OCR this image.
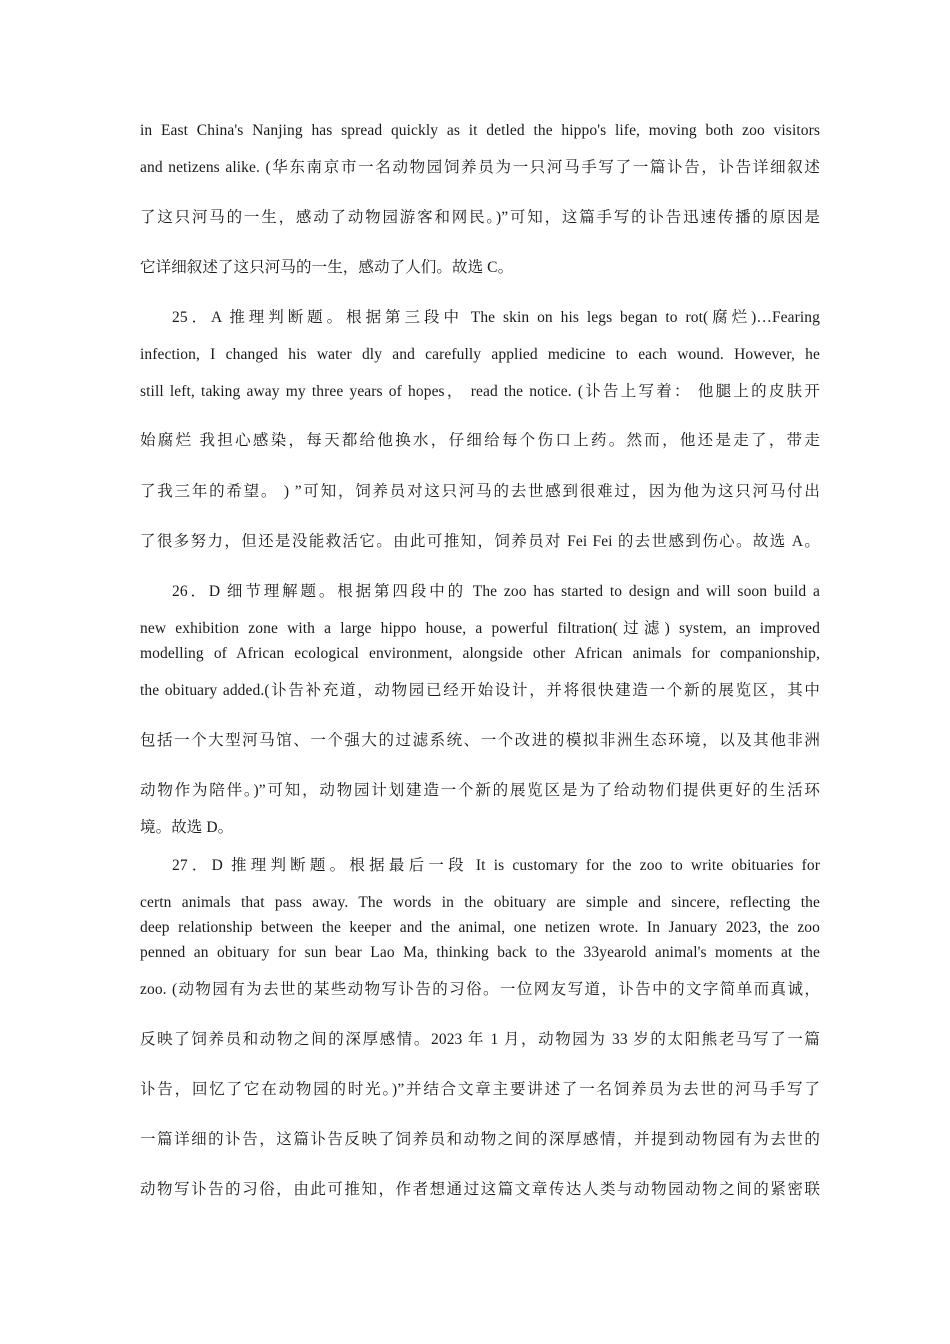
in East China's Nanjing has spread quickly as it detled the hippo's life, moving both zoo visitors
and netizens alike. (华东南京市一名动物园饲养员为一只河马手写了一篇讣告，讣告详细叙述
了这只河马的一生，感动了动物园游客和网民。)”可知，这篇手写的讣告迅速传播的原因是
它详细叙述了这只河马的一生，感动了人们。故选 C。
25．A 推理判断题。根据第三段中 The skin on his legs began to rot(腐烂)…Fearing
infection, I changed his water dly and carefully applied medicine to each wound. However, he
still left, taking away my three years of hopes， read the notice. (讣告上写着： 他腿上的皮肤开
始腐烂 我担心感染，每天都给他换水，仔细给每个伤口上药。然而，他还是走了，带走
了我三年的希望。 ) ”可知，饲养员对这只河马的去世感到很难过，因为他为这只河马付出
了很多努力，但还是没能救活它。由此可推知，饲养员对 Fei Fei 的去世感到伤心。故选 A。
26．D 细节理解题。根据第四段中的 The zoo has started to design and will soon build a
new exhibition zone with a large hippo house, a powerful filtration(过滤) system, an improved
modelling of African ecological environment, alongside other African animals for companionship,
the obituary added.(讣告补充道，动物园已经开始设计，并将很快建造一个新的展览区，其中
包括一个大型河马馆、一个强大的过滤系统、一个改进的模拟非洲生态环境，以及其他非洲
动物作为陪伴。)”可知，动物园计划建造一个新的展览区是为了给动物们提供更好的生活环
境。故选 D。
27．D 推理判断题。根据最后一段 It is customary for the zoo to write obituaries for
certn animals that pass away. The words in the obituary are simple and sincere, reflecting the
deep relationship between the keeper and the animal, one netizen wrote. In January 2023, the zoo
penned an obituary for sun bear Lao Ma, thinking back to the 33yearold animal's moments at the
zoo. (动物园有为去世的某些动物写讣告的习俗。一位网友写道，讣告中的文字简单而真诚，
反映了饲养员和动物之间的深厚感情。2023 年 1 月，动物园为 33 岁的太阳熊老马写了一篇
讣告，回忆了它在动物园的时光。)”并结合文章主要讲述了一名饲养员为去世的河马手写了
一篇详细的讣告，这篇讣告反映了饲养员和动物之间的深厚感情，并提到动物园有为去世的
动物写讣告的习俗，由此可推知，作者想通过这篇文章传达人类与动物园动物之间的紧密联
